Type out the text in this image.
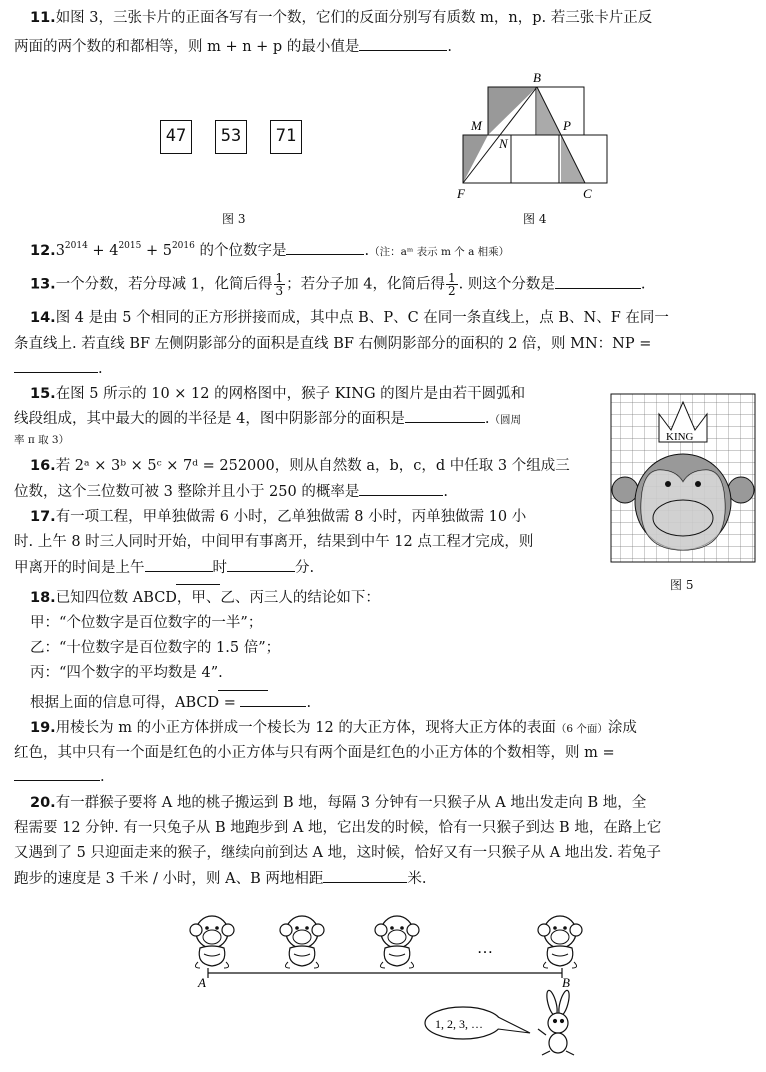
11.如图 3，三张卡片的正面各写有一个数，它们的反面分别写有质数 m，n，p. 若三张卡片正反
两面的两个数的和都相等，则 m + n + p 的最小值是	.
47	53	71
图 3
B
M	P
N
F	C
图 4
$12.3^{2014} + 4^{2015} + 5^{2016}$ 的个位数字是	.（注：aᵐ 表示 m 个 a 相乘）
13.一个分数，若分母减 1，化简后得 $\frac{1}{3}$ ；若分子加 4，化简后得 $\frac{1}{2}$ . 则这个分数是	.
14.图 4 是由 5 个相同的正方形拼接而成，其中点 B、P、C 在同一条直线上，点 B、N、F 在同一
条直线上. 若直线 BF 左侧阴影部分的面积是直线 BF 右侧阴影部分的面积的 2 倍，则 MN：NP =
.
15.在图 5 所示的 10 × 12 的网格图中，猴子 KING 的图片是由若干圆弧和
线段组成，其中最大的圆的半径是 4，图中阴影部分的面积是	.（圆周
率 π 取 3）	KING
图 5
16.若 2ᵃ × 3ᵇ × 5ᶜ × 7ᵈ = 252000，则从自然数 a，b，c，d 中任取 3 个组成三
位数，这个三位数可被 3 整除并且小于 250 的概率是	.
17.有一项工程，甲单独做需 6 小时，乙单独做需 8 小时，丙单独做需 10 小
时. 上午 8 时三人同时开始，中间甲有事离开，结果到中午 12 点工程才完成，则
甲离开的时间是上午	时	分.
18.已知四位数 ABCD，甲、乙、丙三人的结论如下：
甲：“个位数字是百位数字的一半”；
乙：“十位数字是百位数字的 1.5 倍”；
丙：“四个数字的平均数是 4”.
根据上面的信息可得，ABCD =	.
19.用棱长为 m 的小正方体拼成一个棱长为 12 的大正方体，现将大正方体的表面（6 个面）涂成
红色，其中只有一个面是红色的小正方体与只有两个面是红色的小正方体的个数相等，则 m =
.
20.有一群猴子要将 A 地的桃子搬运到 B 地，每隔 3 分钟有一只猴子从 A 地出发走向 B 地，全
程需要 12 分钟. 有一只兔子从 B 地跑步到 A 地，它出发的时候，恰有一只猴子到达 B 地，在路上它
又遇到了 5 只迎面走来的猴子，继续向前到达 A 地，这时候，恰好又有一只猴子从 A 地出发. 若兔子
跑步的速度是 3 千米 / 小时，则 A、B 两地相距	米.
…
A	B
1, 2, 3, …
